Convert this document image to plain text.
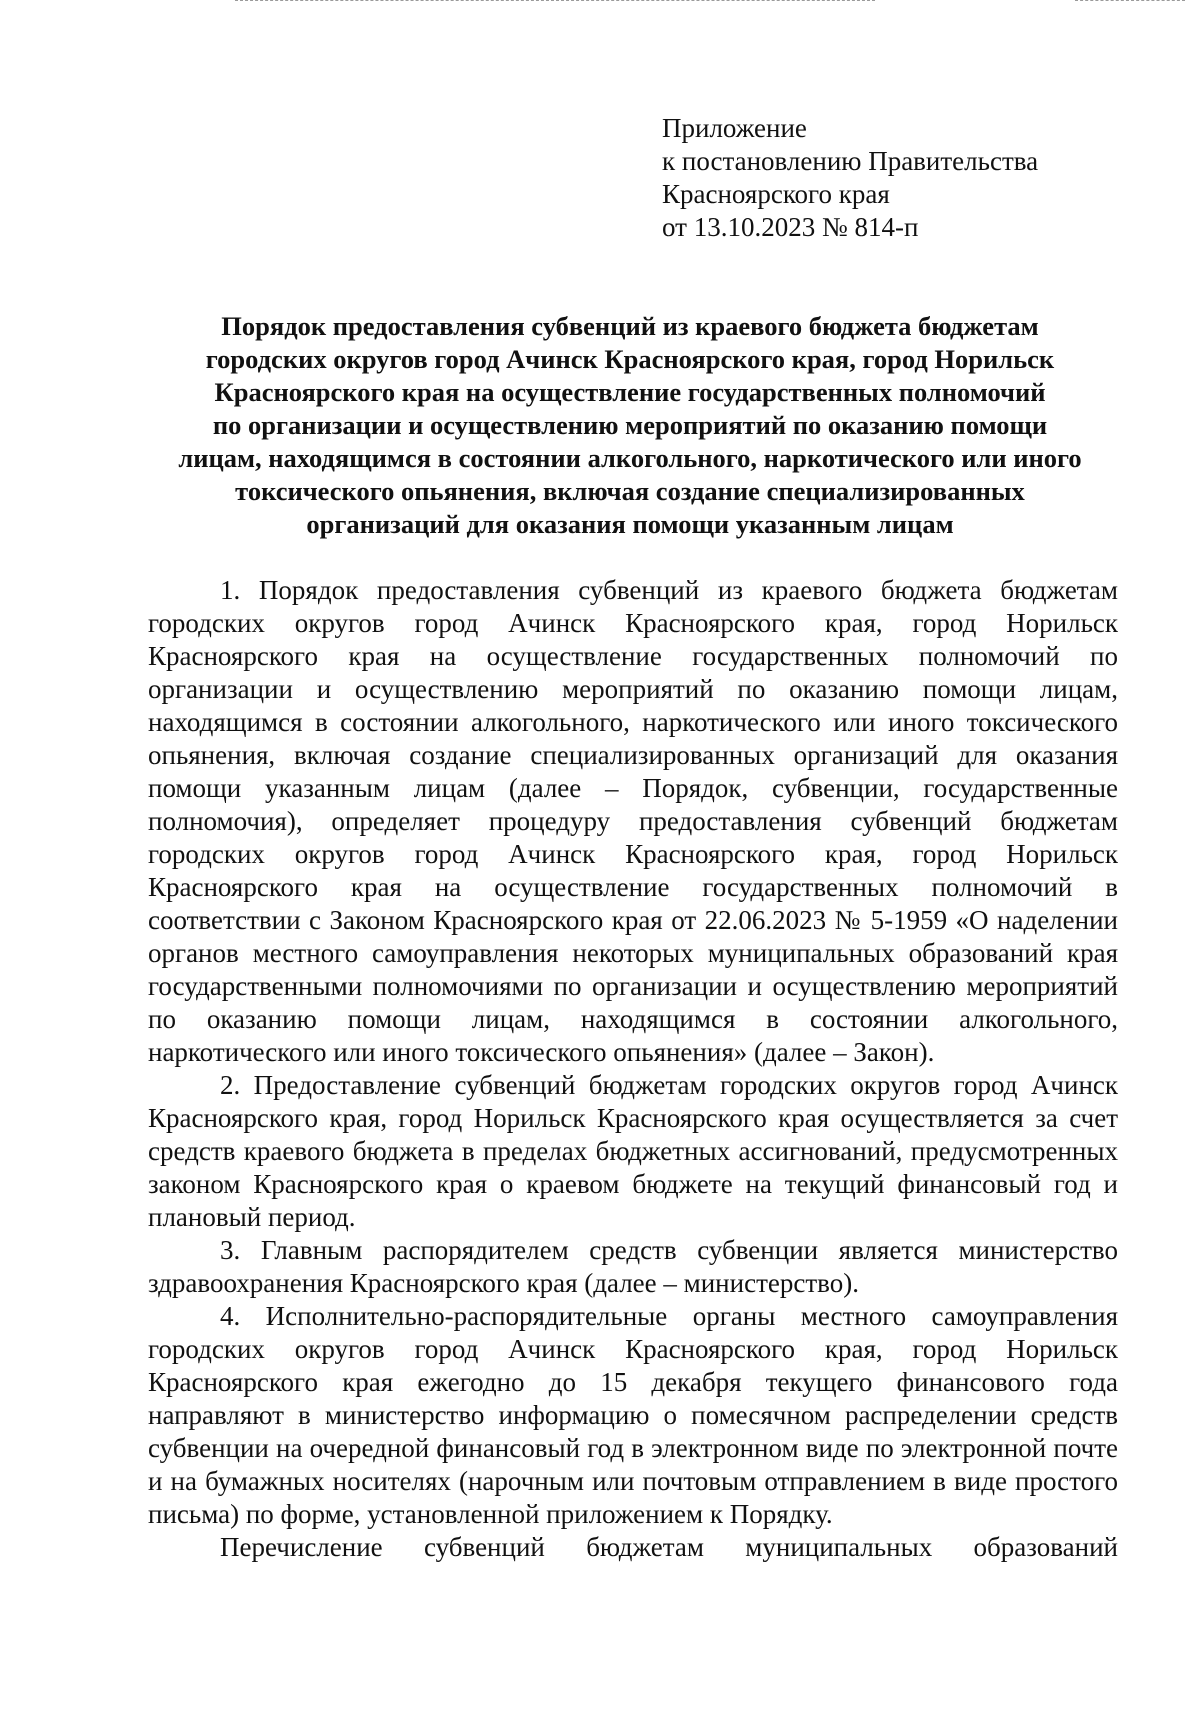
Приложение
к постановлению Правительства
Красноярского края
от 13.10.2023 № 814-п
Порядок предоставления субвенций из краевого бюджета бюджетам
городских округов город Ачинск Красноярского края, город Норильск
Красноярского края на осуществление государственных полномочий
по организации и осуществлению мероприятий по оказанию помощи
лицам, находящимся в состоянии алкогольного, наркотического или иного
токсического опьянения, включая создание специализированных
организаций для оказания помощи указанным лицам

1. Порядок предоставления субвенций из краевого бюджета бюджетам городских округов город Ачинск Красноярского края, город Норильск Красноярского края на осуществление государственных полномочий по организации и осуществлению мероприятий по оказанию помощи лицам, находящимся в состоянии алкогольного, наркотического или иного токсического опьянения, включая создание специализированных организаций для оказания помощи указанным лицам (далее – Порядок, субвенции, государственные полномочия), определяет процедуру предоставления субвенций бюджетам городских округов город Ачинск Красноярского края, город Норильск Красноярского края на осуществление государственных полномочий в соответствии с Законом Красноярского края от 22.06.2023 № 5-1959 «О наделении органов местного самоуправления некоторых муниципальных образований края государственными полномочиями по организации и осуществлению мероприятий по оказанию помощи лицам, находящимся в состоянии алкогольного, наркотического или иного токсического опьянения» (далее – Закон).

2. Предоставление субвенций бюджетам городских округов город Ачинск Красноярского края, город Норильск Красноярского края осуществляется за счет средств краевого бюджета в пределах бюджетных ассигнований, предусмотренных законом Красноярского края о краевом бюджете на текущий финансовый год и плановый период.

3. Главным распорядителем средств субвенции является министерство здравоохранения Красноярского края (далее – министерство).

4. Исполнительно-распорядительные органы местного самоуправления городских округов город Ачинск Красноярского края, город Норильск Красноярского края ежегодно до 15 декабря текущего финансового года направляют в министерство информацию о помесячном распределении средств субвенции на очередной финансовый год в электронном виде по электронной почте и на бумажных носителях (нарочным или почтовым отправлением в виде простого письма) по форме, установленной приложением к Порядку.

Перечисление субвенций бюджетам муниципальных образований
